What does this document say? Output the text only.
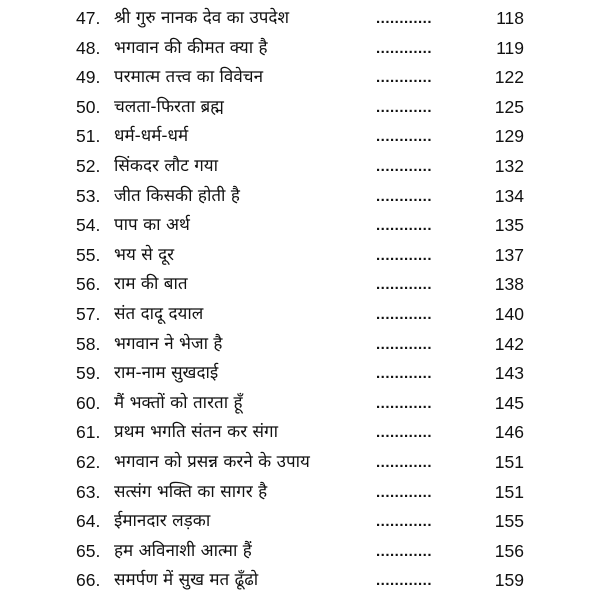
47. श्री गुरु नानक देव का उपदेश	............	118
48. भगवान की कीमत क्या है	............	119
49. परमात्म तत्त्व का विवेचन	............	122
50. चलता-फिरता ब्रह्म	............	125
51. धर्म-धर्म-धर्म	............	129
52. सिंकदर लौट गया	............	132
53. जीत किसकी होती है	............	134
54. पाप का अर्थ	............	135
55. भय से दूर	............	137
56. राम की बात	............	138
57. संत दादू दयाल	............	140
58. भगवान ने भेजा है	............	142
59. राम-नाम सुखदाई	............	143
60. मैं भक्तों को तारता हूँ	............	145
61. प्रथम भगति संतन कर संगा	............	146
62. भगवान को प्रसन्न करने के उपाय	............	151
63. सत्संग भक्ति का सागर है	............	151
64. ईमानदार लड़का	............	155
65. हम अविनाशी आत्मा हैं	............	156
66. समर्पण में सुख मत ढूँढो	............	159
